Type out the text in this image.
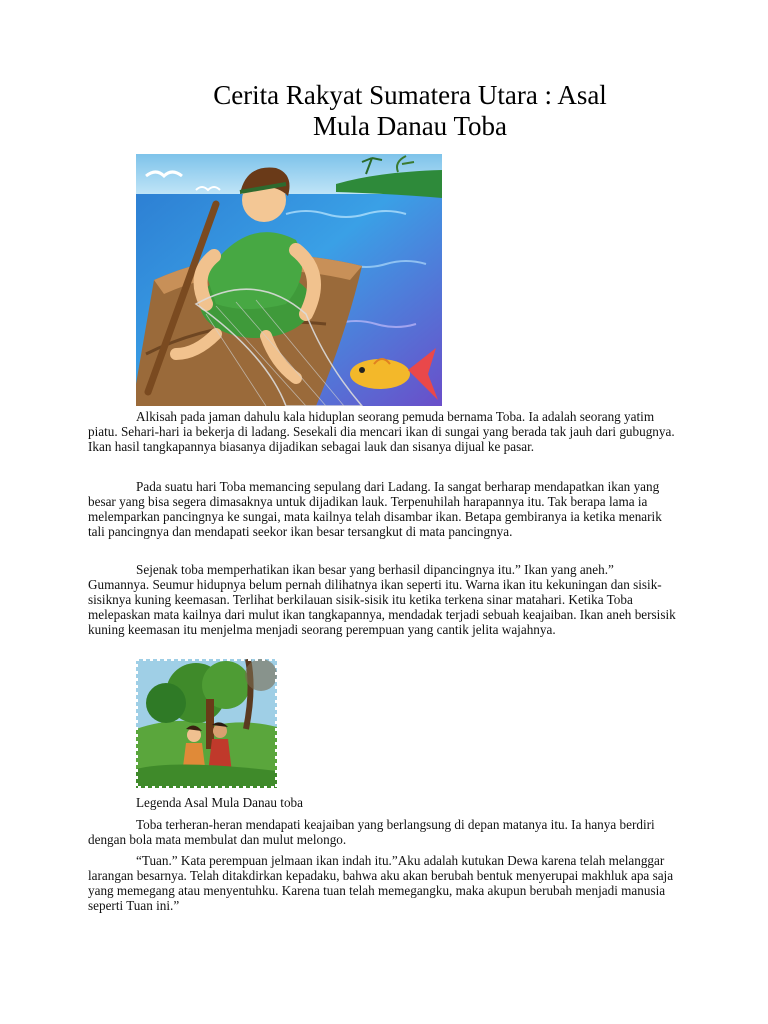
Cerita Rakyat Sumatera Utara : Asal
Mula Danau Toba

Alkisah pada jaman dahulu kala hiduplan seorang pemuda bernama Toba. Ia adalah seorang yatim piatu. Sehari-hari ia bekerja di ladang. Sesekali dia mencari ikan di sungai yang berada tak jauh dari gubugnya. Ikan hasil tangkapannya biasanya dijadikan sebagai lauk dan sisanya dijual ke pasar.

Pada suatu hari Toba memancing sepulang dari Ladang. Ia sangat berharap mendapatkan ikan yang besar yang bisa segera dimasaknya untuk dijadikan lauk. Terpenuhilah harapannya itu. Tak berapa lama ia melemparkan pancingnya ke sungai, mata kailnya telah disambar ikan. Betapa gembiranya ia ketika menarik tali pancingnya dan mendapati seekor ikan besar tersangkut di mata pancingnya.

Sejenak toba memperhatikan ikan besar yang berhasil dipancingnya itu.” Ikan yang aneh.” Gumannya. Seumur hidupnya belum pernah dilihatnya ikan seperti itu. Warna ikan itu kekuningan dan sisik-sisiknya kuning keemasan. Terlihat berkilauan sisik-sisik itu ketika terkena sinar matahari. Ketika Toba melepaskan mata kailnya dari mulut ikan tangkapannya, mendadak terjadi sebuah keajaiban. Ikan aneh bersisik kuning keemasan itu menjelma menjadi seorang perempuan yang cantik jelita wajahnya.

Legenda Asal Mula Danau toba

Toba terheran-heran mendapati keajaiban yang berlangsung di depan matanya itu. Ia hanya berdiri dengan bola mata membulat dan mulut melongo.

“Tuan.” Kata perempuan jelmaan ikan indah itu.”Aku adalah kutukan Dewa karena telah melanggar larangan besarnya. Telah ditakdirkan kepadaku, bahwa aku akan berubah bentuk menyerupai makhluk apa saja yang memegang atau menyentuhku. Karena tuan telah memegangku, maka akupun berubah menjadi manusia seperti Tuan ini.”
